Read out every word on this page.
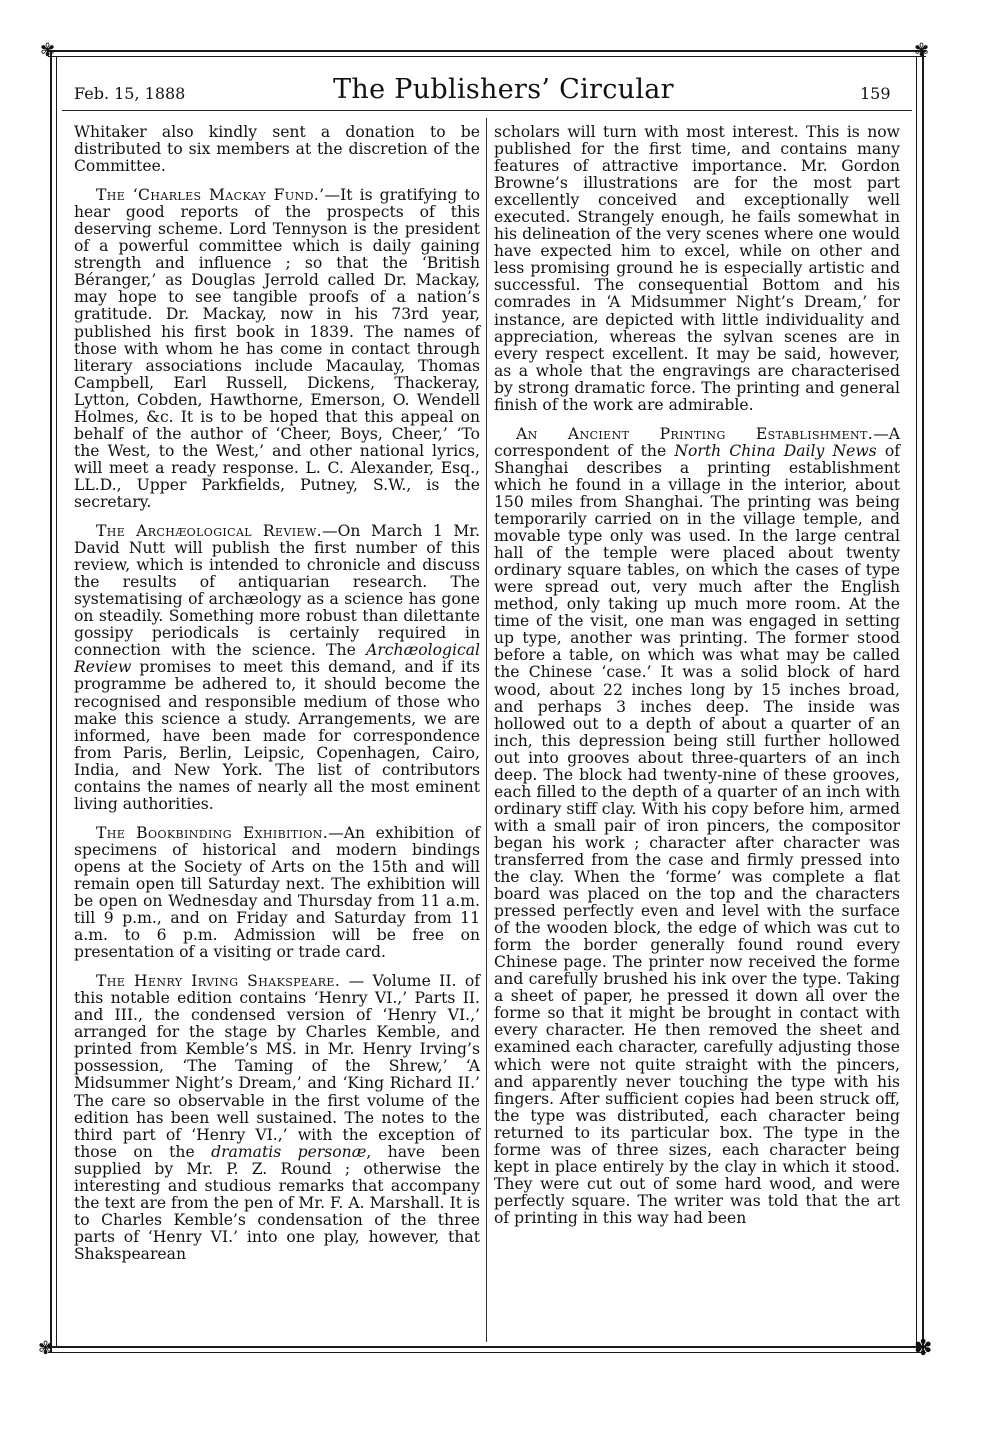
✾	✾
✾	✽
Feb. 15, 1888	The Publishers’ Circular	159

Whitaker also kindly sent a donation to be distributed to six members at the discretion of the Committee.

The ‘Charles Mackay Fund.’—It is gratifying to hear good reports of the prospects of this deserving scheme. Lord Tennyson is the president of a powerful committee which is daily gaining strength and influence ; so that the ‘British Béranger,’ as Douglas Jerrold called Dr. Mackay, may hope to see tangible proofs of a nation’s gratitude. Dr. Mackay, now in his 73rd year, published his first book in 1839. The names of those with whom he has come in contact through literary associations include Macaulay, Thomas Campbell, Earl Russell, Dickens, Thackeray, Lytton, Cobden, Hawthorne, Emerson, O. Wendell Holmes, &c. It is to be hoped that this appeal on behalf of the author of ‘Cheer, Boys, Cheer,’ ‘To the West, to the West,’ and other national lyrics, will meet a ready response. L. C. Alexander, Esq., LL.D., Upper Parkfields, Putney, S.W., is the secretary.

The Archæological Review.—On March 1 Mr. David Nutt will publish the first number of this review, which is intended to chronicle and discuss the results of antiquarian research. The systematising of archæology as a science has gone on steadily. Something more robust than dilettante gossipy periodicals is certainly required in connection with the science. The Archæological Review promises to meet this demand, and if its programme be adhered to, it should become the recognised and responsible medium of those who make this science a study. Arrangements, we are informed, have been made for correspondence from Paris, Berlin, Leipsic, Copenhagen, Cairo, India, and New York. The list of contributors contains the names of nearly all the most eminent living authorities.

The Bookbinding Exhibition.—An exhibition of specimens of historical and modern bindings opens at the Society of Arts on the 15th and will remain open till Saturday next. The exhibition will be open on Wednesday and Thursday from 11 a.m. till 9 p.m., and on Friday and Saturday from 11 a.m. to 6 p.m. Admission will be free on presentation of a visiting or trade card.

The Henry Irving Shakspeare. — Volume II. of this notable edition contains ‘Henry VI.,’ Parts II. and III., the condensed version of ‘Henry VI.,’ arranged for the stage by Charles Kemble, and printed from Kemble’s MS. in Mr. Henry Irving’s possession, ‘The Taming of the Shrew,’ ‘A Midsummer Night’s Dream,’ and ‘King Richard II.’ The care so observable in the first volume of the edition has been well sustained. The notes to the third part of ‘Henry VI.,’ with the exception of those on the dramatis personæ, have been supplied by Mr. P. Z. Round ; otherwise the interesting and studious remarks that accompany the text are from the pen of Mr. F. A. Marshall. It is to Charles Kemble’s condensation of the three parts of ‘Henry VI.’ into one play, however, that Shakspearean

scholars will turn with most interest. This is now published for the first time, and contains many features of attractive importance. Mr. Gordon Browne’s illustrations are for the most part excellently conceived and exceptionally well executed. Strangely enough, he fails somewhat in his delineation of the very scenes where one would have expected him to excel, while on other and less promising ground he is especially artistic and successful. The consequential Bottom and his comrades in ‘A Midsummer Night’s Dream,’ for instance, are depicted with little individuality and appreciation, whereas the sylvan scenes are in every respect excellent. It may be said, however, as a whole that the engravings are characterised by strong dramatic force. The printing and general finish of the work are admirable.

An Ancient Printing Establishment.—A correspondent of the North China Daily News of Shanghai describes a printing establishment which he found in a village in the interior, about 150 miles from Shanghai. The printing was being temporarily carried on in the village temple, and movable type only was used. In the large central hall of the temple were placed about twenty ordinary square tables, on which the cases of type were spread out, very much after the English method, only taking up much more room. At the time of the visit, one man was engaged in setting up type, another was printing. The former stood before a table, on which was what may be called the Chinese ‘case.’ It was a solid block of hard wood, about 22 inches long by 15 inches broad, and perhaps 3 inches deep. The inside was hollowed out to a depth of about a quarter of an inch, this depression being still further hollowed out into grooves about three-quarters of an inch deep. The block had twenty-nine of these grooves, each filled to the depth of a quarter of an inch with ordinary stiff clay. With his copy before him, armed with a small pair of iron pincers, the compositor began his work ; character after character was transferred from the case and firmly pressed into the clay. When the ‘forme’ was complete a flat board was placed on the top and the characters pressed perfectly even and level with the surface of the wooden block, the edge of which was cut to form the border generally found round every Chinese page. The printer now received the forme and carefully brushed his ink over the type. Taking a sheet of paper, he pressed it down all over the forme so that it might be brought in contact with every character. He then removed the sheet and examined each character, carefully adjusting those which were not quite straight with the pincers, and apparently never touching the type with his fingers. After sufficient copies had been struck off, the type was distributed, each character being returned to its particular box. The type in the forme was of three sizes, each character being kept in place entirely by the clay in which it stood. They were cut out of some hard wood, and were perfectly square. The writer was told that the art of printing in this way had been
